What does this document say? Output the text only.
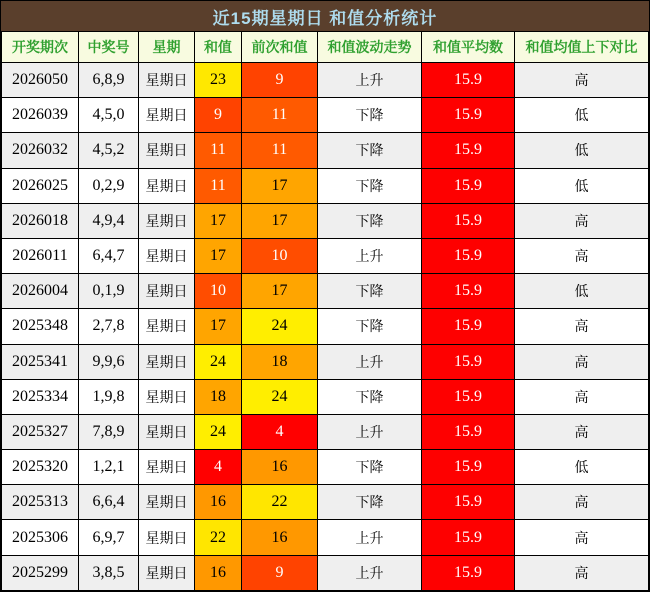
近15期星期日 和值分析统计
开奖期次	中奖号	星期	和值	前次和值	和值波动走势	和值平均数	和值均值上下对比
2026050	6,8,9	星期日	23	9	上升	15.9	高
2026039	4,5,0	星期日	9	11	下降	15.9	低
2026032	4,5,2	星期日	11	11	下降	15.9	低
2026025	0,2,9	星期日	11	17	下降	15.9	低
2026018	4,9,4	星期日	17	17	下降	15.9	高
2026011	6,4,7	星期日	17	10	上升	15.9	高
2026004	0,1,9	星期日	10	17	下降	15.9	低
2025348	2,7,8	星期日	17	24	下降	15.9	高
2025341	9,9,6	星期日	24	18	上升	15.9	高
2025334	1,9,8	星期日	18	24	下降	15.9	高
2025327	7,8,9	星期日	24	4	上升	15.9	高
2025320	1,2,1	星期日	4	16	下降	15.9	低
2025313	6,6,4	星期日	16	22	下降	15.9	高
2025306	6,9,7	星期日	22	16	上升	15.9	高
2025299	3,8,5	星期日	16	9	上升	15.9	高
